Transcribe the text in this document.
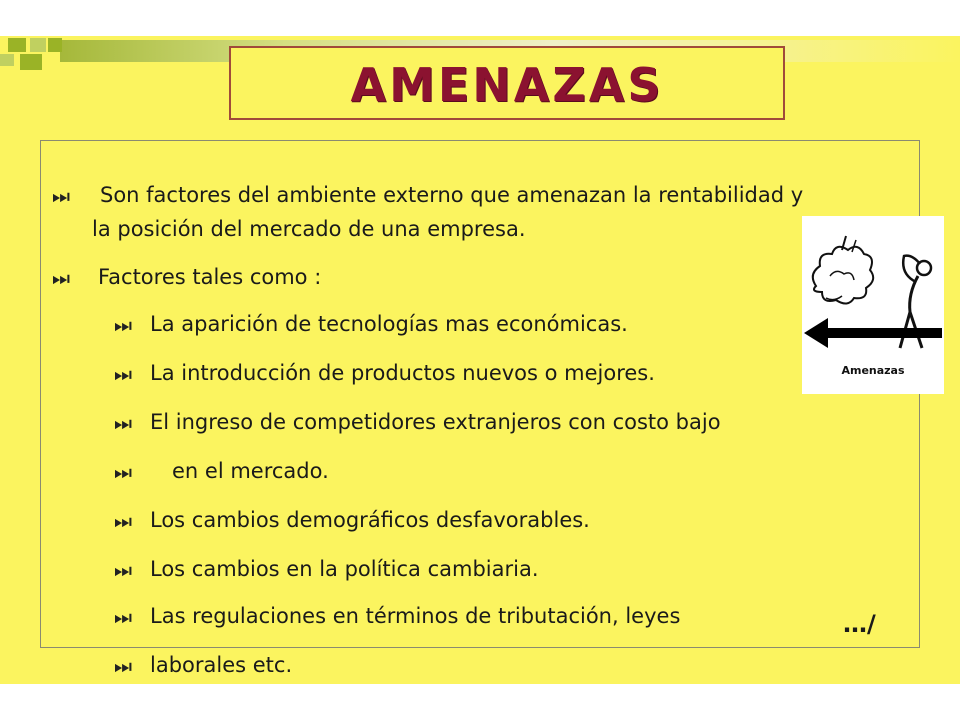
AMENAZAS
⏭ Son factores del ambiente externo que amenazan la rentabilidad y
la posición del mercado de una empresa.
⏭ Factores tales como :
⏭ La aparición de tecnologías mas económicas.
⏭ La introducción de productos nuevos o mejores.
⏭ El ingreso de competidores extranjeros con costo bajo
⏭ en el mercado.
⏭ Los cambios demográficos desfavorables.
⏭ Los cambios en la política cambiaria.
⏭ Las regulaciones en términos de tributación, leyes
⏭ laborales etc.
Amenazas
…/
